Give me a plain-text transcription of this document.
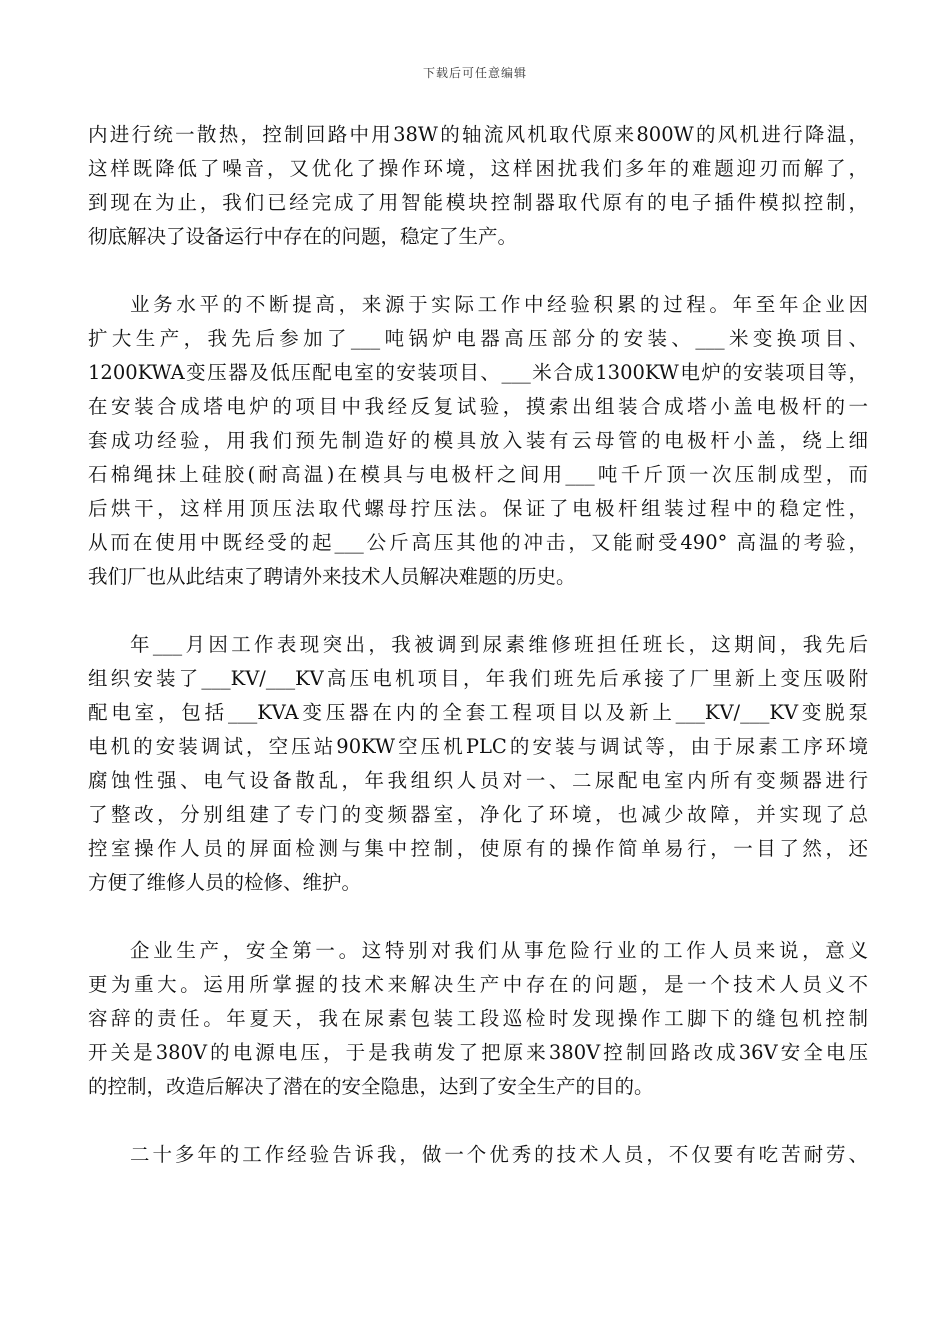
下载后可任意编辑
内进行统一散热，控制回路中用38W的轴流风机取代原来800W的风机进行降温，
这样既降低了噪音，又优化了操作环境，这样困扰我们多年的难题迎刃而解了，
到现在为止，我们已经完成了用智能模块控制器取代原有的电子插件模拟控制，
彻底解决了设备运行中存在的问题，稳定了生产。
业务水平的不断提高，来源于实际工作中经验积累的过程。年至年企业因
扩大生产，我先后参加了___吨锅炉电器高压部分的安装、___米变换项目、
1200KWA变压器及低压配电室的安装项目、___米合成1300KW电炉的安装项目等，
在安装合成塔电炉的项目中我经反复试验，摸索出组装合成塔小盖电极杆的一
套成功经验，用我们预先制造好的模具放入装有云母管的电极杆小盖，绕上细
石棉绳抹上硅胶(耐高温)在模具与电极杆之间用___吨千斤顶一次压制成型，而
后烘干，这样用顶压法取代螺母拧压法。保证了电极杆组装过程中的稳定性，
从而在使用中既经受的起___公斤高压其他的冲击，又能耐受490° 高温的考验，
我们厂也从此结束了聘请外来技术人员解决难题的历史。
年___月因工作表现突出，我被调到尿素维修班担任班长，这期间，我先后
组织安装了___KV/___KV高压电机项目，年我们班先后承接了厂里新上变压吸附
配电室，包括___KVA变压器在内的全套工程项目以及新上___KV/___KV变脱泵
电机的安装调试，空压站90KW空压机PLC的安装与调试等，由于尿素工序环境
腐蚀性强、电气设备散乱，年我组织人员对一、二尿配电室内所有变频器进行
了整改，分别组建了专门的变频器室，净化了环境，也减少故障，并实现了总
控室操作人员的屏面检测与集中控制，使原有的操作简单易行，一目了然，还
方便了维修人员的检修、维护。
企业生产，安全第一。这特别对我们从事危险行业的工作人员来说，意义
更为重大。运用所掌握的技术来解决生产中存在的问题，是一个技术人员义不
容辞的责任。年夏天，我在尿素包装工段巡检时发现操作工脚下的缝包机控制
开关是380V的电源电压，于是我萌发了把原来380V控制回路改成36V安全电压
的控制，改造后解决了潜在的安全隐患，达到了安全生产的目的。
二十多年的工作经验告诉我，做一个优秀的技术人员，不仅要有吃苦耐劳、
